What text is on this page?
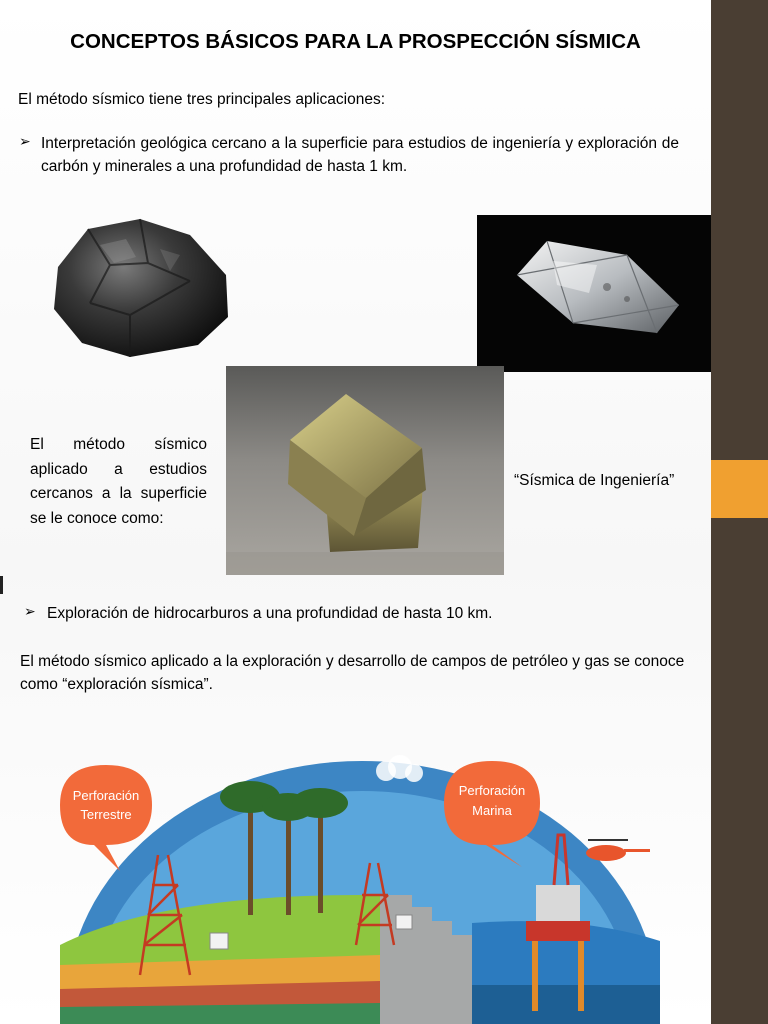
CONCEPTOS BÁSICOS PARA LA PROSPECCIÓN SÍSMICA
El método sísmico tiene tres principales aplicaciones:
➢ Interpretación geológica cercano a la superficie para estudios de ingeniería y exploración de carbón y minerales a una profundidad de hasta 1 km.
El método sísmico aplicado a estudios cercanos a la superficie se le conoce como:
“Sísmica de Ingeniería”
➢ Exploración de hidrocarburos a una profundidad de hasta 10 km.
El método sísmico aplicado a la exploración y desarrollo de campos de petróleo y gas se conoce como “exploración sísmica”.
Perforación
Terrestre
Perforación
Marina
